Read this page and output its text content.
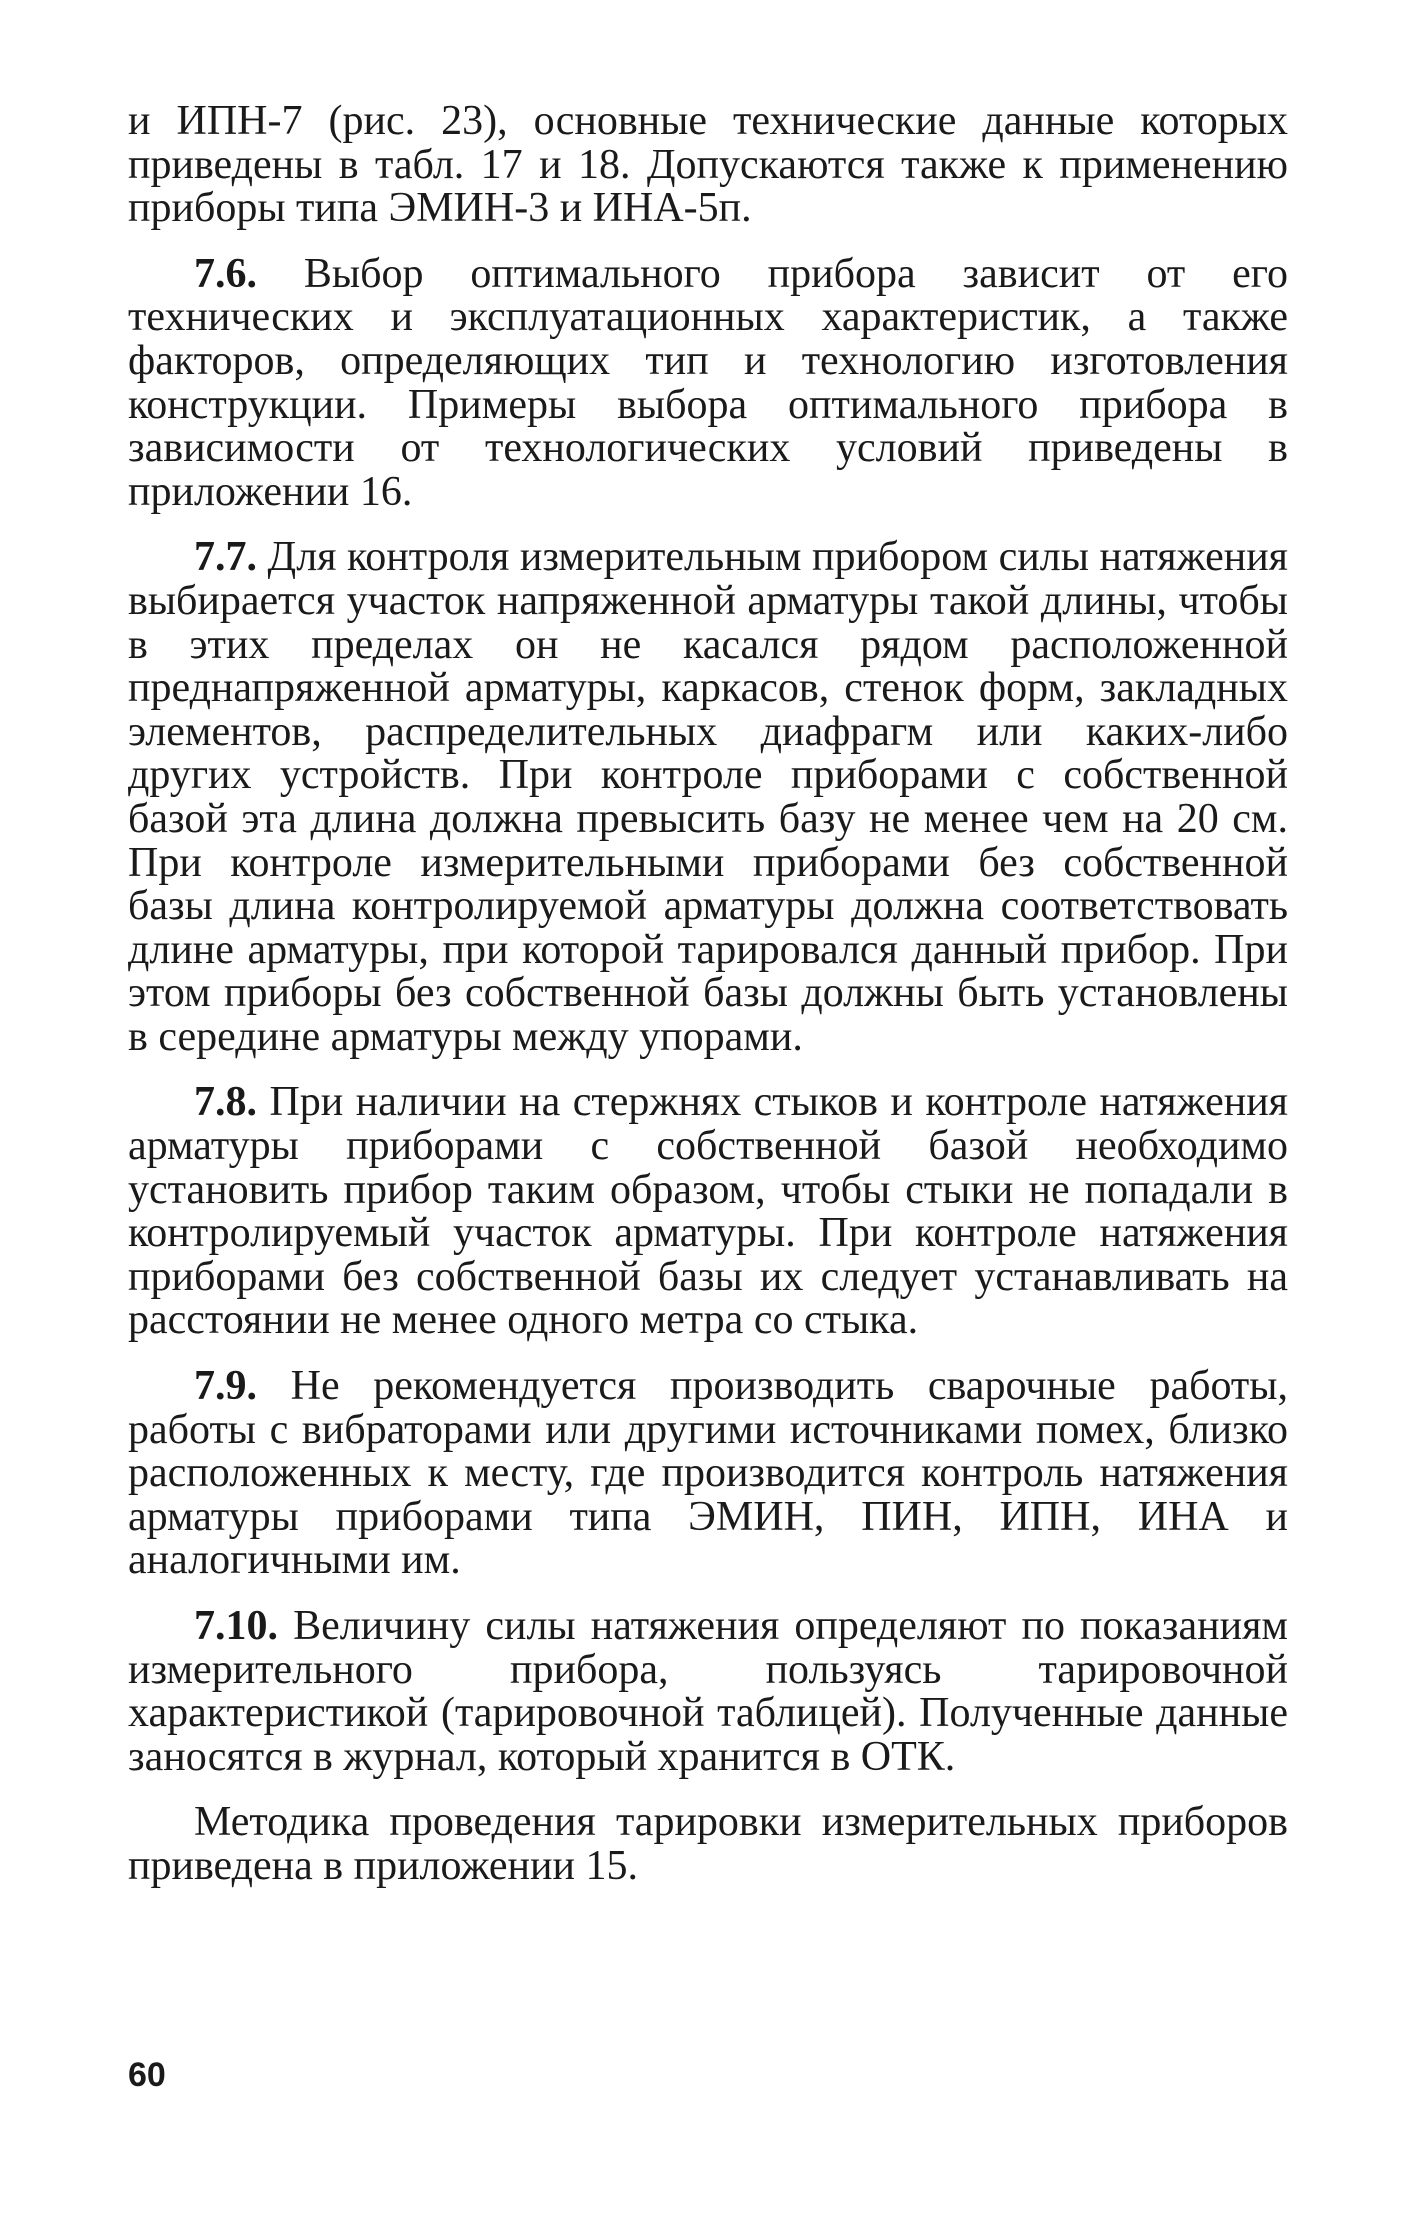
и ИПН-7 (рис. 23), основные технические данные которых приведены в табл. 17 и 18. Допускаются также к применению приборы типа ЭМИН-3 и ИНА-5п.

7.6. Выбор оптимального прибора зависит от его технических и эксплуатационных характеристик, а также факторов, определяющих тип и технологию изготовления конструкции. Примеры выбора оптимального прибора в зависимости от технологических условий приведены в приложении 16.

7.7. Для контроля измерительным прибором силы натяжения выбирается участок напряженной арматуры такой длины, чтобы в этих пределах он не касался рядом расположенной преднапряженной арматуры, каркасов, стенок форм, закладных элементов, распределительных диафрагм или каких-либо других устройств. При контроле приборами с собственной базой эта длина должна превысить базу не менее чем на 20 см. При контроле измерительными приборами без собственной базы длина контролируемой арматуры должна соответствовать длине арматуры, при которой тарировался данный прибор. При этом приборы без собственной базы должны быть установлены в середине арматуры между упорами.

7.8. При наличии на стержнях стыков и контроле натяжения арматуры приборами с собственной базой необходимо установить прибор таким образом, чтобы стыки не попадали в контролируемый участок арматуры. При контроле натяжения приборами без собственной базы их следует устанавливать на расстоянии не менее одного метра со стыка.

7.9. Не рекомендуется производить сварочные работы, работы с вибраторами или другими источниками помех, близко расположенных к месту, где производится контроль натяжения арматуры приборами типа ЭМИН, ПИН, ИПН, ИНА и аналогичными им.

7.10. Величину силы натяжения определяют по показаниям измерительного прибора, пользуясь тарировочной характеристикой (тарировочной таблицей). Полученные данные заносятся в журнал, который хранится в ОТК.

Методика проведения тарировки измерительных приборов приведена в приложении 15.

60
